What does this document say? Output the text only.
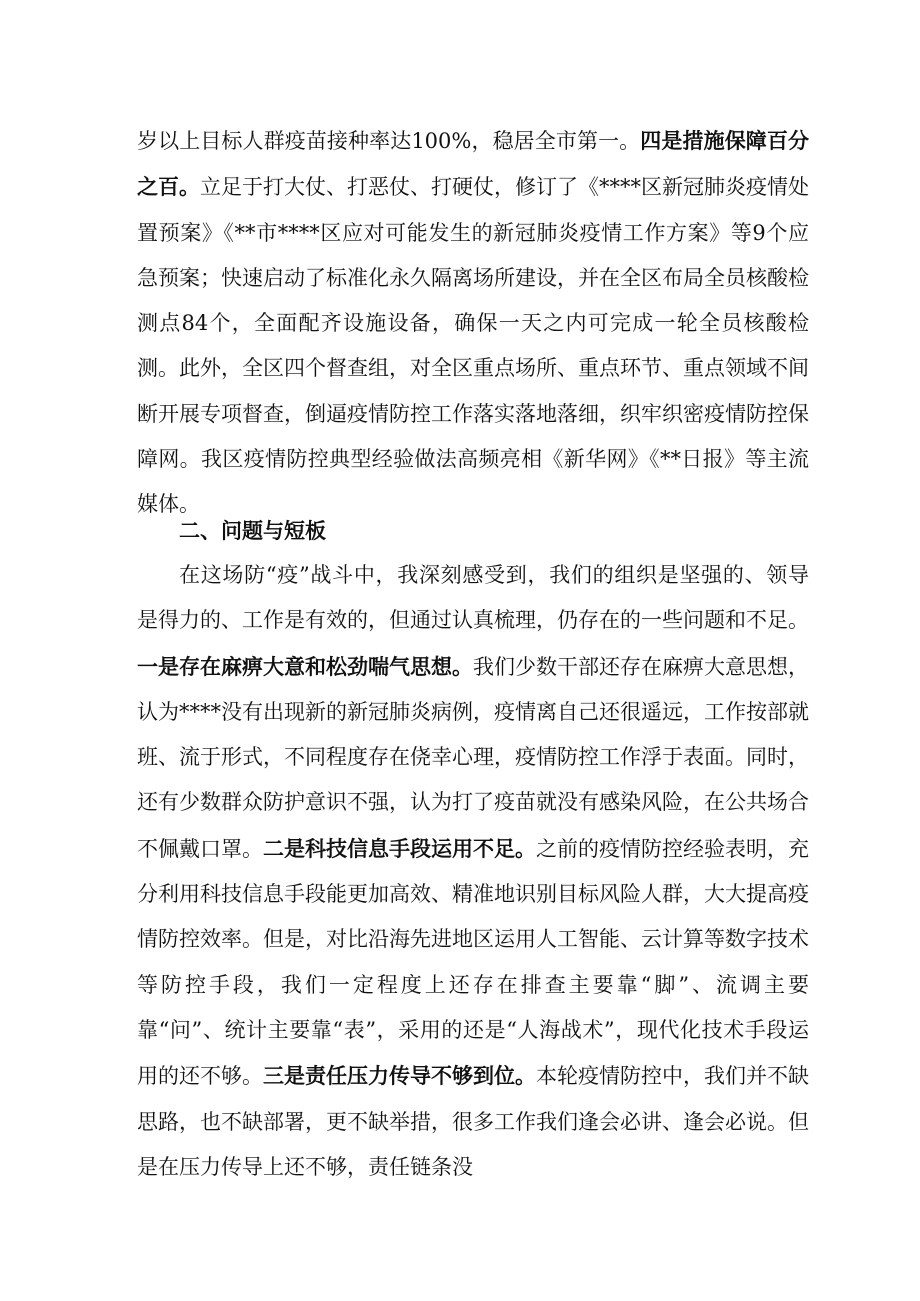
岁以上目标人群疫苗接种率达100%，稳居全市第一。四是措施保障百分之百。立足于打大仗、打恶仗、打硬仗，修订了《****区新冠肺炎疫情处置预案》《**市****区应对可能发生的新冠肺炎疫情工作方案》等9个应急预案；快速启动了标准化永久隔离场所建设，并在全区布局全员核酸检测点84个，全面配齐设施设备，确保一天之内可完成一轮全员核酸检测。此外，全区四个督查组，对全区重点场所、重点环节、重点领域不间断开展专项督查，倒逼疫情防控工作落实落地落细，织牢织密疫情防控保障网。我区疫情防控典型经验做法高频亮相《新华网》《**日报》等主流媒体。

二、问题与短板

在这场防“疫”战斗中，我深刻感受到，我们的组织是坚强的、领导是得力的、工作是有效的，但通过认真梳理，仍存在的一些问题和不足。一是存在麻痹大意和松劲喘气思想。我们少数干部还存在麻痹大意思想，认为****没有出现新的新冠肺炎病例，疫情离自己还很遥远，工作按部就班、流于形式，不同程度存在侥幸心理，疫情防控工作浮于表面。同时，还有少数群众防护意识不强，认为打了疫苗就没有感染风险，在公共场合不佩戴口罩。二是科技信息手段运用不足。之前的疫情防控经验表明，充分利用科技信息手段能更加高效、精准地识别目标风险人群，大大提高疫情防控效率。但是，对比沿海先进地区运用人工智能、云计算等数字技术等防控手段，我们一定程度上还存在排查主要靠“脚”、流调主要靠“问”、统计主要靠“表”，采用的还是“人海战术”，现代化技术手段运用的还不够。三是责任压力传导不够到位。本轮疫情防控中，我们并不缺思路，也不缺部署，更不缺举措，很多工作我们逢会必讲、逢会必说。但是在压力传导上还不够，责任链条没
